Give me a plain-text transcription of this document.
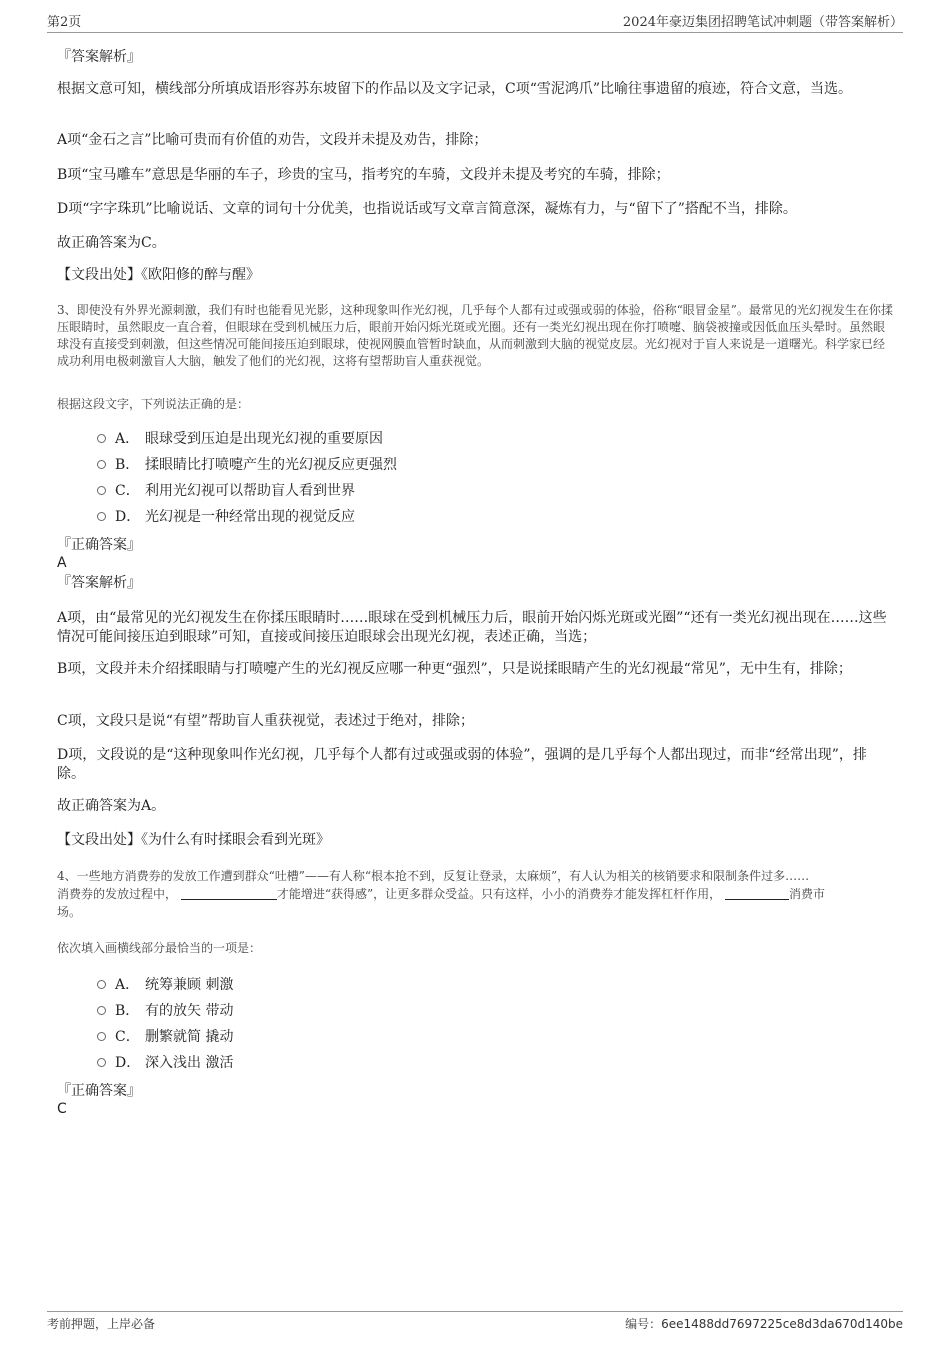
第2页	2024年豪迈集团招聘笔试冲刺题（带答案解析）

『答案解析』

根据文意可知，横线部分所填成语形容苏东坡留下的作品以及文字记录，C项“雪泥鸿爪”比喻往事遗留的痕迹，符合文意，当选。

A项“金石之言”比喻可贵而有价值的劝告，文段并未提及劝告，排除；

B项“宝马雕车”意思是华丽的车子，珍贵的宝马，指考究的车骑，文段并未提及考究的车骑，排除；

D项“字字珠玑”比喻说话、文章的词句十分优美，也指说话或写文章言简意深，凝炼有力，与“留下了”搭配不当，排除。

故正确答案为C。

【文段出处】《欧阳修的醉与醒》

3、即使没有外界光源刺激，我们有时也能看见光影，这种现象叫作光幻视，几乎每个人都有过或强或弱的体验，俗称“眼冒金星”。最常见的光幻视发生在你揉压眼睛时，虽然眼皮一直合着，但眼球在受到机械压力后，眼前开始闪烁光斑或光圈。还有一类光幻视出现在你打喷嚏、脑袋被撞或因低血压头晕时。虽然眼球没有直接受到刺激，但这些情况可能间接压迫到眼球，使视网膜血管暂时缺血，从而刺激到大脑的视觉皮层。光幻视对于盲人来说是一道曙光。科学家已经成功利用电极刺激盲人大脑，触发了他们的光幻视，这将有望帮助盲人重获视觉。

根据这段文字，下列说法正确的是：

A． 眼球受到压迫是出现光幻视的重要原因
B． 揉眼睛比打喷嚏产生的光幻视反应更强烈
C． 利用光幻视可以帮助盲人看到世界
D． 光幻视是一种经常出现的视觉反应

『正确答案』

A

『答案解析』

A项，由“最常见的光幻视发生在你揉压眼睛时……眼球在受到机械压力后，眼前开始闪烁光斑或光圈”“还有一类光幻视出现在……这些情况可能间接压迫到眼球”可知，直接或间接压迫眼球会出现光幻视，表述正确，当选；

B项，文段并未介绍揉眼睛与打喷嚏产生的光幻视反应哪一种更“强烈”，只是说揉眼睛产生的光幻视最“常见”，无中生有，排除；

C项，文段只是说“有望”帮助盲人重获视觉，表述过于绝对，排除；

D项，文段说的是“这种现象叫作光幻视，几乎每个人都有过或强或弱的体验”，强调的是几乎每个人都出现过，而非“经常出现”，排除。

故正确答案为A。

【文段出处】《为什么有时揉眼会看到光斑》

4、一些地方消费券的发放工作遭到群众“吐槽”——有人称“根本抢不到，反复让登录，太麻烦”，有人认为相关的核销要求和限制条件过多……

消费券的发放过程中，	才能增进“获得感”，让更多群众受益。只有这样，小小的消费券才能发挥杠杆作用，	消费市

场。

依次填入画横线部分最恰当的一项是：

A． 统筹兼顾 刺激
B． 有的放矢 带动
C． 删繁就简 撬动
D． 深入浅出 激活

『正确答案』

C

考前押题，上岸必备	编号：6ee1488dd7697225ce8d3da670d140be
